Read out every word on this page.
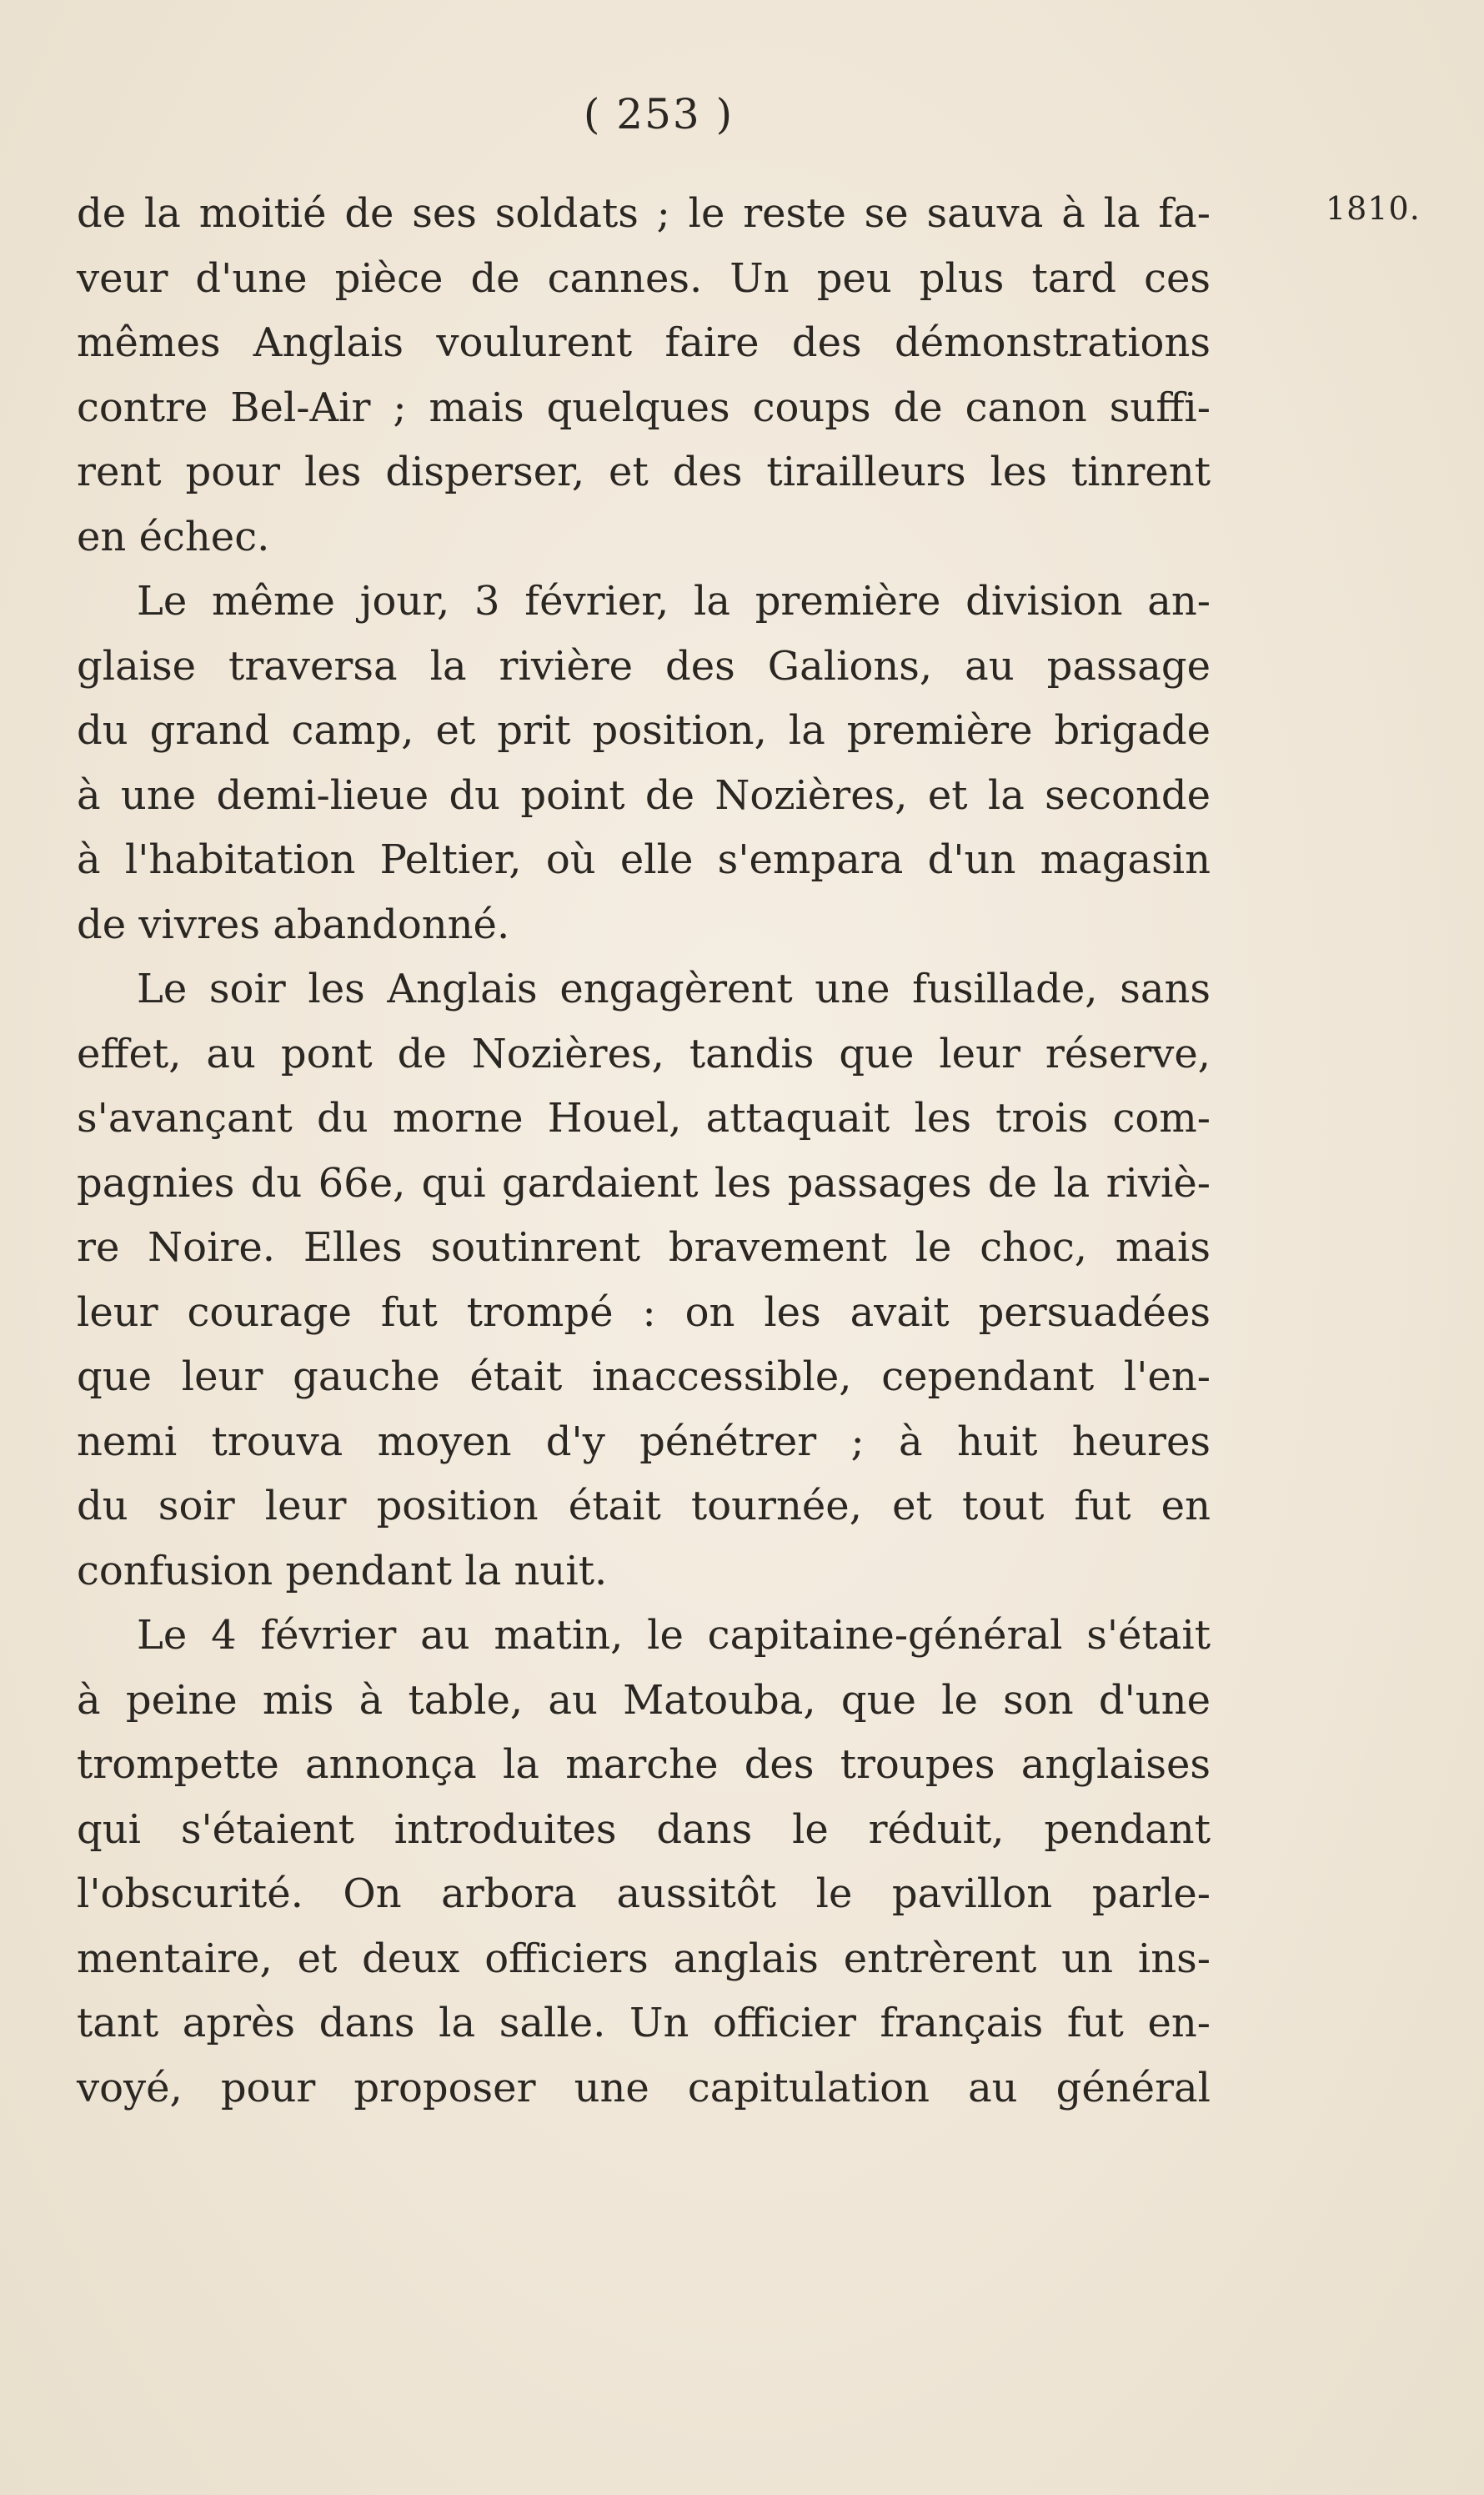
( 253 )
1810.
de la moitié de ses soldats ; le reste se sauva à la fa-
veur d'une pièce de cannes. Un peu plus tard ces
mêmes Anglais voulurent faire des démonstrations
contre Bel-Air ; mais quelques coups de canon suffi-
rent pour les disperser, et des tirailleurs les tinrent
en échec.
Le même jour, 3 février, la première division an-
glaise traversa la rivière des Galions, au passage
du grand camp, et prit position, la première brigade
à une demi-lieue du point de Nozières, et la seconde
à l'habitation Peltier, où elle s'empara d'un magasin
de vivres abandonné.
Le soir les Anglais engagèrent une fusillade, sans
effet, au pont de Nozières, tandis que leur réserve,
s'avançant du morne Houel, attaquait les trois com-
pagnies du 66e, qui gardaient les passages de la riviè-
re Noire. Elles soutinrent bravement le choc, mais
leur courage fut trompé : on les avait persuadées
que leur gauche était inaccessible, cependant l'en-
nemi trouva moyen d'y pénétrer ; à huit heures
du soir leur position était tournée, et tout fut en
confusion pendant la nuit.
Le 4 février au matin, le capitaine-général s'était
à peine mis à table, au Matouba, que le son d'une
trompette annonça la marche des troupes anglaises
qui s'étaient introduites dans le réduit, pendant
l'obscurité. On arbora aussitôt le pavillon parle-
mentaire, et deux officiers anglais entrèrent un ins-
tant après dans la salle. Un officier français fut en-
voyé, pour proposer une capitulation au général
